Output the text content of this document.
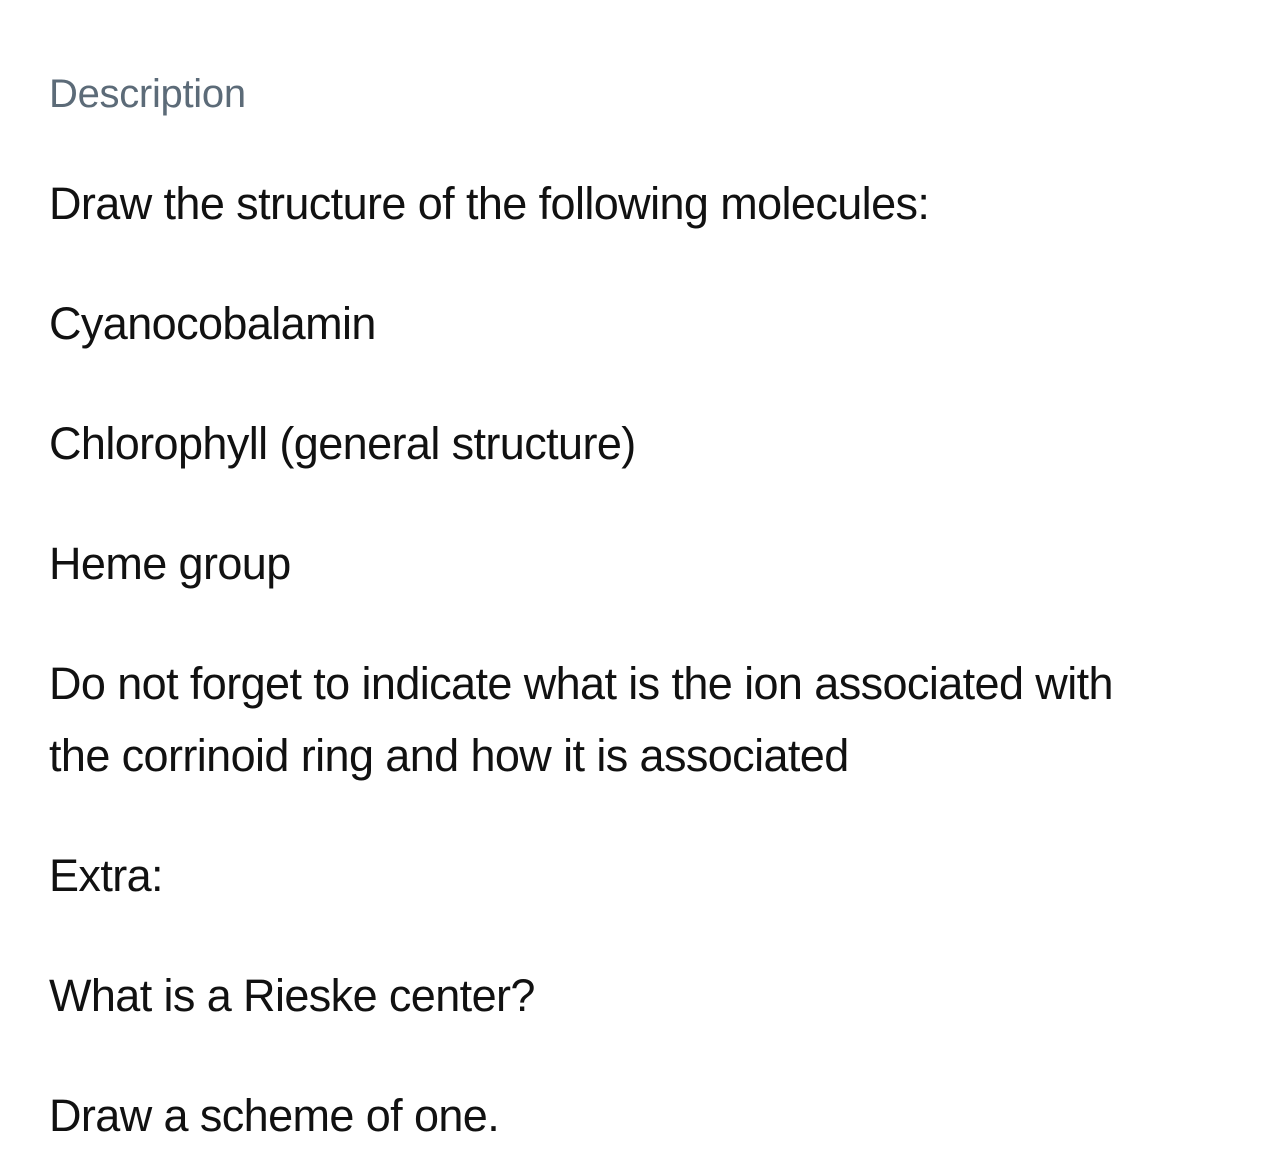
Description

Draw the structure of the following molecules:

Cyanocobalamin

Chlorophyll (general structure)

Heme group

Do not forget to indicate what is the ion associated with the corrinoid ring and how it is associated

Extra:

What is a Rieske center?

Draw a scheme of one.
